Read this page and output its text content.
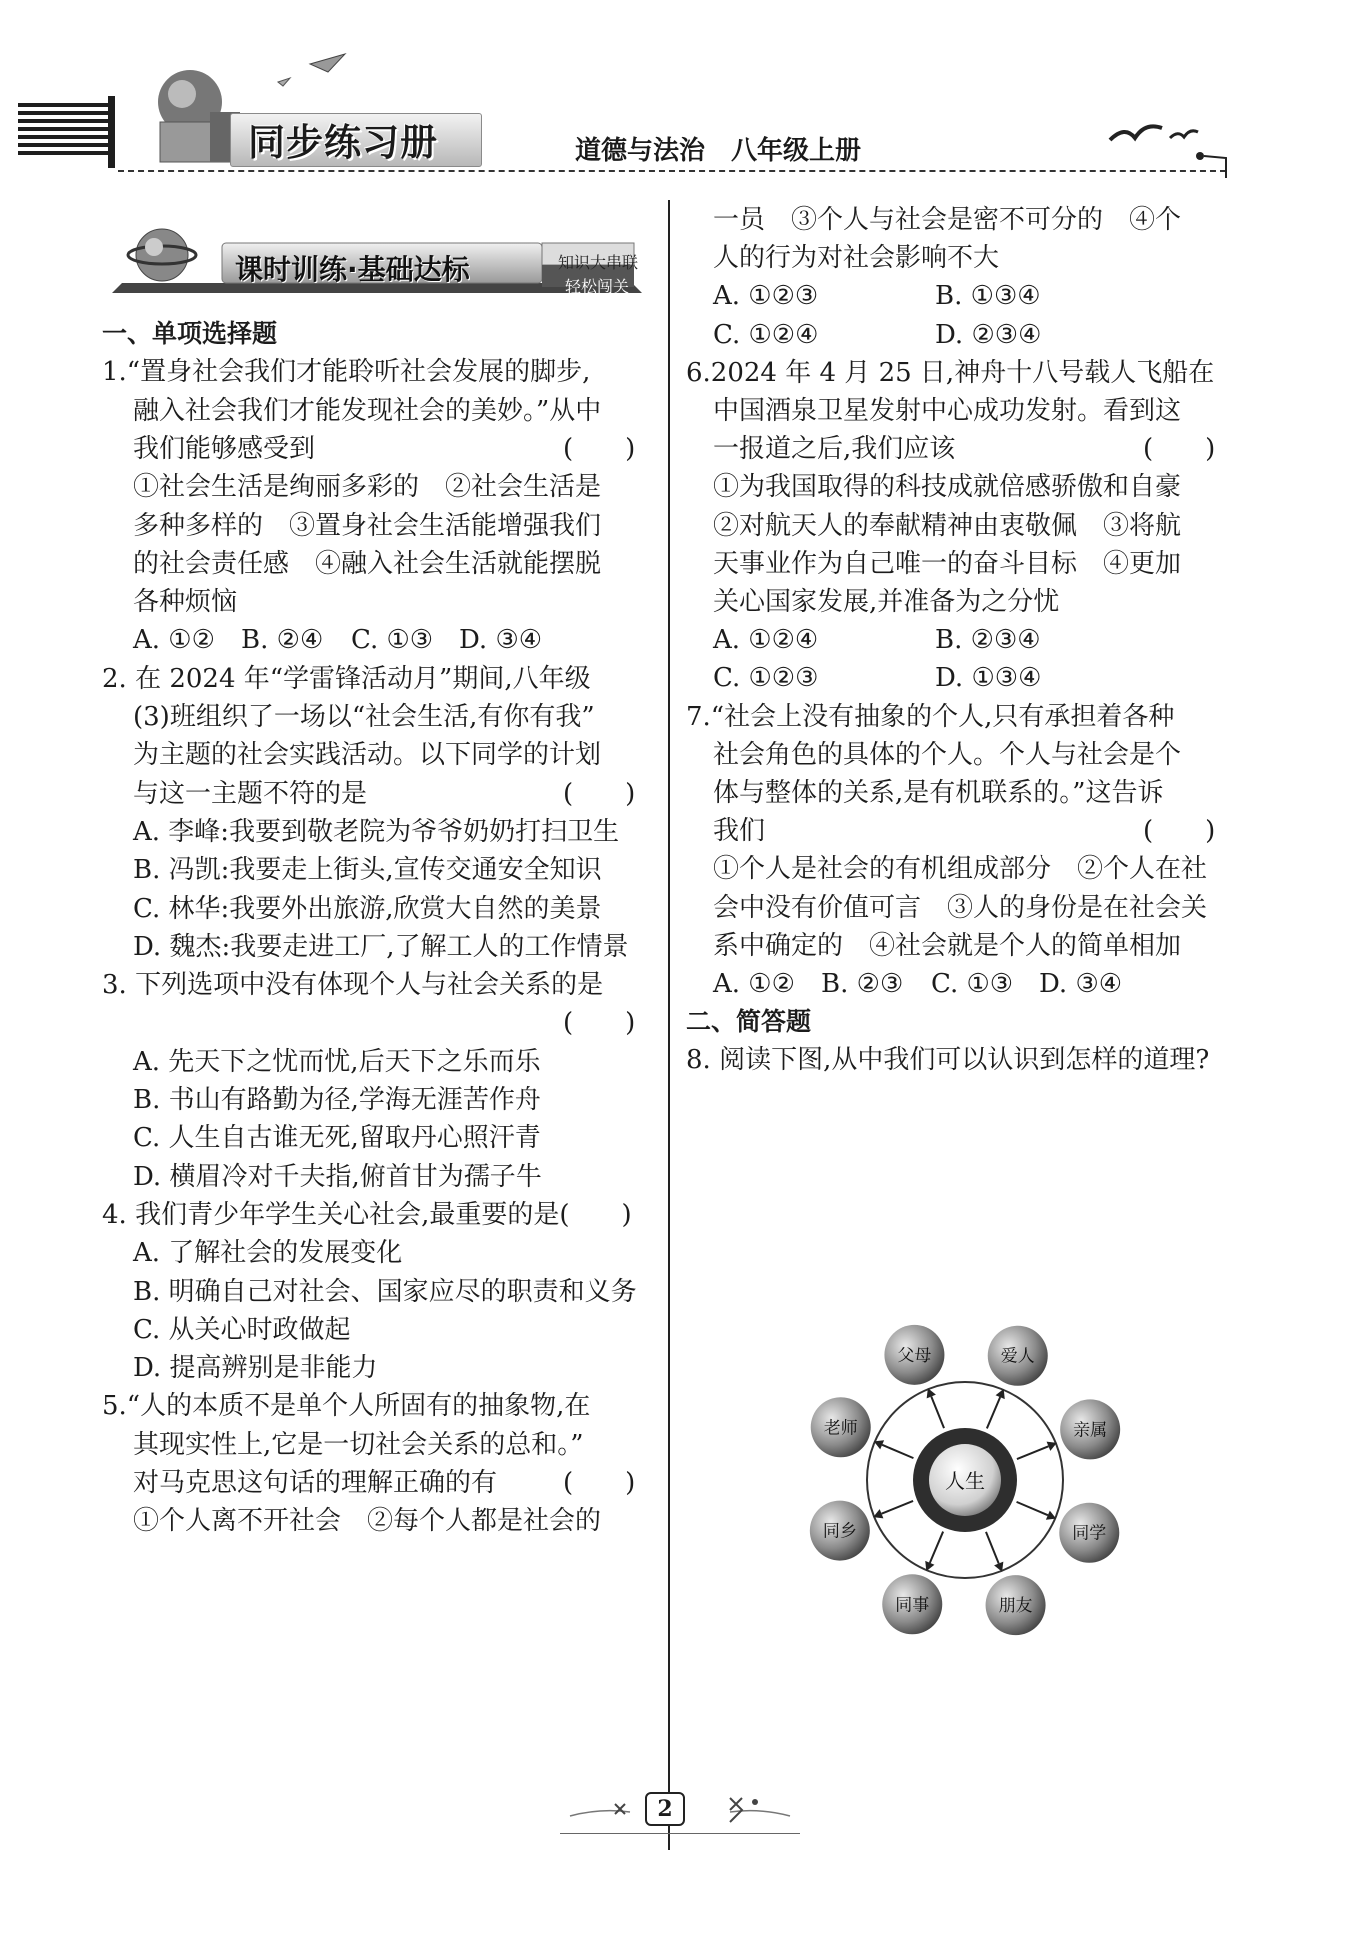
同步练习册	道德与法治　八年级上册
课时训练·基础达标	知识大串联
轻松闯关
一、单项选择题
1.“置身社会我们才能聆听社会发展的脚步,
融入社会我们才能发现社会的美妙。”从中
我们能够感受到	(　　)
①社会生活是绚丽多彩的　②社会生活是
多种多样的　③置身社会生活能增强我们
的社会责任感　④融入社会生活就能摆脱
各种烦恼
A. ①② B. ②④ C. ①③ D. ③④
2. 在 2024 年“学雷锋活动月”期间,八年级
(3)班组织了一场以“社会生活,有你有我”
为主题的社会实践活动。以下同学的计划
与这一主题不符的是	(　　)
A. 李峰:我要到敬老院为爷爷奶奶打扫卫生
B. 冯凯:我要走上街头,宣传交通安全知识
C. 林华:我要外出旅游,欣赏大自然的美景
D. 魏杰:我要走进工厂,了解工人的工作情景
3. 下列选项中没有体现个人与社会关系的是
(　　)
A. 先天下之忧而忧,后天下之乐而乐
B. 书山有路勤为径,学海无涯苦作舟
C. 人生自古谁无死,留取丹心照汗青
D. 横眉冷对千夫指,俯首甘为孺子牛
4. 我们青少年学生关心社会,最重要的是(　　)
A. 了解社会的发展变化
B. 明确自己对社会、国家应尽的职责和义务
C. 从关心时政做起
D. 提高辨别是非能力
5.“人的本质不是单个人所固有的抽象物,在
其现实性上,它是一切社会关系的总和。”
对马克思这句话的理解正确的有	(　　)
①个人离不开社会　②每个人都是社会的
一员　③个人与社会是密不可分的　④个
人的行为对社会影响不大
A. ①②③	B. ①③④
C. ①②④	D. ②③④
6.2024 年 4 月 25 日,神舟十八号载人飞船在
中国酒泉卫星发射中心成功发射。看到这
一报道之后,我们应该	(　　)
①为我国取得的科技成就倍感骄傲和自豪
②对航天人的奉献精神由衷敬佩　③将航
天事业作为自己唯一的奋斗目标　④更加
关心国家发展,并准备为之分忧
A. ①②④	B. ②③④
C. ①②③	D. ①③④
7.“社会上没有抽象的个人,只有承担着各种
社会角色的具体的个人。个人与社会是个
体与整体的关系,是有机联系的。”这告诉
我们	(　　)
①个人是社会的有机组成部分　②个人在社
会中没有价值可言　③人的身份是在社会关
系中确定的　④社会就是个人的简单相加
A. ①② B. ②③ C. ①③ D. ③④
二、简答题
8. 阅读下图,从中我们可以认识到怎样的道理?
父母	爱人
亲属
同学
朋友
同事
同乡
老师
人生
2
